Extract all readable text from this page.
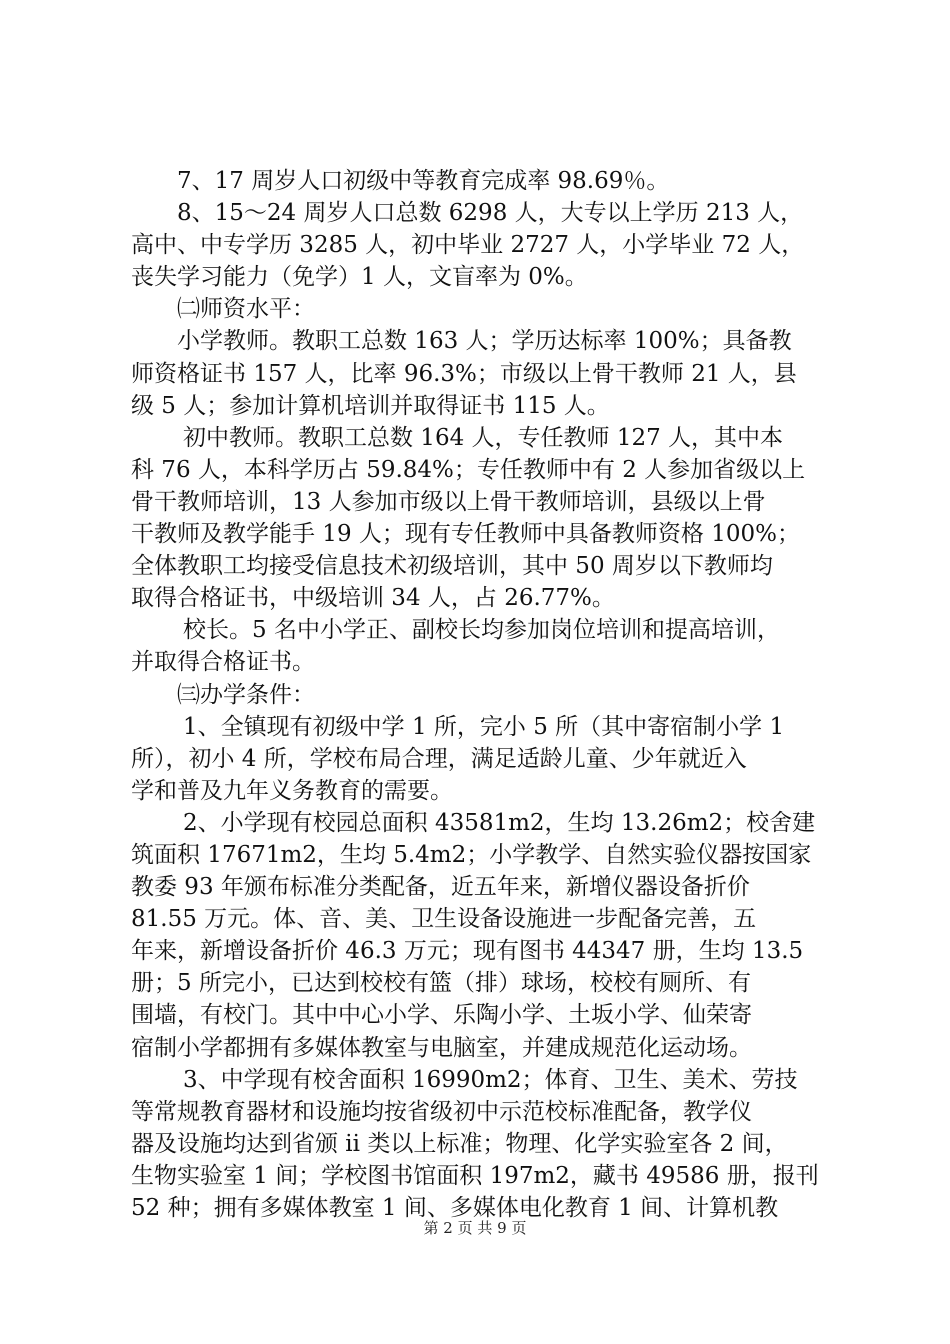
7、17 周岁人口初级中等教育完成率 98.69％。
8、15～24 周岁人口总数 6298 人，大专以上学历 213 人，
高中、中专学历 3285 人，初中毕业 2727 人，小学毕业 72 人，
丧失学习能力（免学）1 人，文盲率为 0%。
㈡师资水平：
小学教师。教职工总数 163 人；学历达标率 100%；具备教
师资格证书 157 人，比率 96.3%；市级以上骨干教师 21 人，县
级 5 人；参加计算机培训并取得证书 115 人。
初中教师。教职工总数 164 人，专任教师 127 人，其中本
科 76 人，本科学历占 59.84%；专任教师中有 2 人参加省级以上
骨干教师培训，13 人参加市级以上骨干教师培训，县级以上骨
干教师及教学能手 19 人；现有专任教师中具备教师资格 100%；
全体教职工均接受信息技术初级培训，其中 50 周岁以下教师均
取得合格证书，中级培训 34 人，占 26.77%。
校长。5 名中小学正、副校长均参加岗位培训和提高培训，
并取得合格证书。
㈢办学条件：
1、全镇现有初级中学 1 所，完小 5 所（其中寄宿制小学 1
所），初小 4 所，学校布局合理，满足适龄儿童、少年就近入
学和普及九年义务教育的需要。
2、小学现有校园总面积 43581m2，生均 13.26m2；校舍建
筑面积 17671m2，生均 5.4m2；小学教学、自然实验仪器按国家
教委 93 年颁布标准分类配备，近五年来，新增仪器设备折价
81.55 万元。体、音、美、卫生设备设施进一步配备完善，五
年来，新增设备折价 46.3 万元；现有图书 44347 册，生均 13.5
册；5 所完小，已达到校校有篮（排）球场，校校有厕所、有
围墙，有校门。其中中心小学、乐陶小学、土坂小学、仙荣寄
宿制小学都拥有多媒体教室与电脑室，并建成规范化运动场。
3、中学现有校舍面积 16990m2；体育、卫生、美术、劳技
等常规教育器材和设施均按省级初中示范校标准配备，教学仪
器及设施均达到省颁 ii 类以上标准；物理、化学实验室各 2 间，
生物实验室 1 间；学校图书馆面积 197m2，藏书 49586 册，报刊
52 种；拥有多媒体教室 1 间、多媒体电化教育 1 间、计算机教
第 2 页 共 9 页
